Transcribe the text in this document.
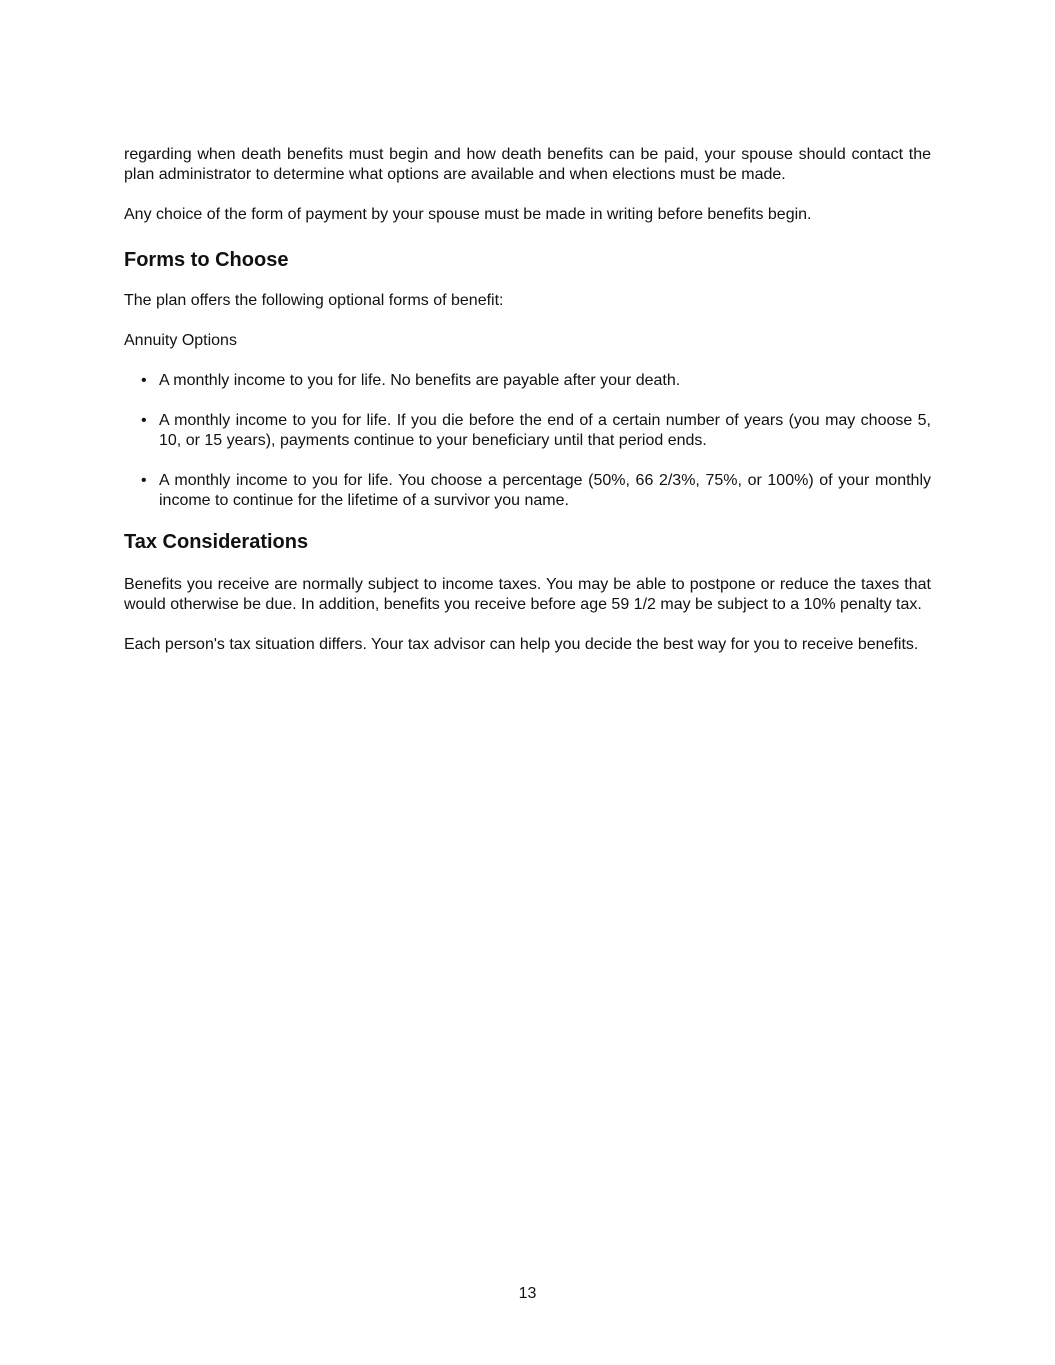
regarding when death benefits must begin and how death benefits can be paid, your spouse should contact the plan administrator to determine what options are available and when elections must be made.

Any choice of the form of payment by your spouse must be made in writing before benefits begin.

Forms to Choose

The plan offers the following optional forms of benefit:

Annuity Options

• A monthly income to you for life. No benefits are payable after your death.
• A monthly income to you for life. If you die before the end of a certain number of years (you may choose 5, 10, or 15 years), payments continue to your beneficiary until that period ends.
• A monthly income to you for life. You choose a percentage (50%, 66 2/3%, 75%, or 100%) of your monthly income to continue for the lifetime of a survivor you name.
Tax Considerations

Benefits you receive are normally subject to income taxes. You may be able to postpone or reduce the taxes that would otherwise be due. In addition, benefits you receive before age 59 1/2 may be subject to a 10% penalty tax.

Each person's tax situation differs. Your tax advisor can help you decide the best way for you to receive benefits.

13
